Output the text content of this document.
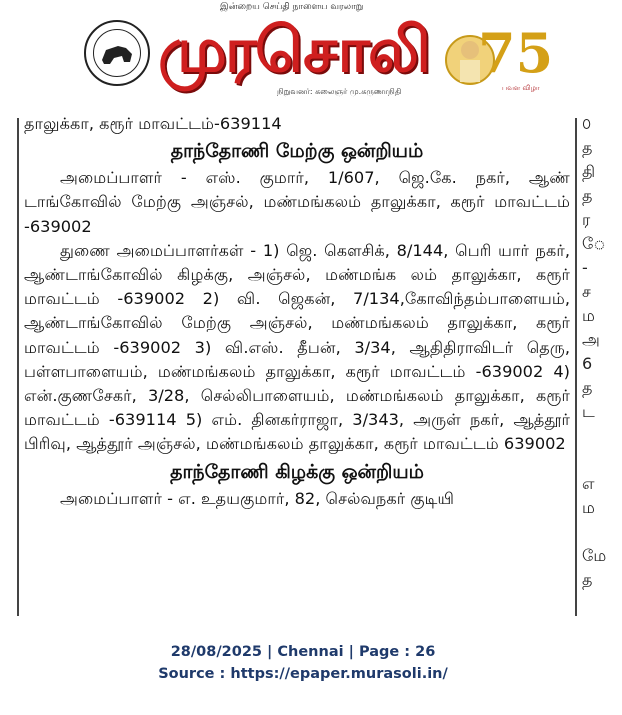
இன்றைய செய்தி நாளைய வரலாறு
முரசொலி
நிறுவனர்: கலைஞர் மு.கருணாநிதி
75
பவள விழா

தாலுக்கா, கரூர் மாவட்டம்-639114

தாந்தோணி மேற்கு ஒன்றியம்

அமைப்பாளர் - எஸ். குமார், 1/607, ஜெ.கே. நகர், ஆண் டாங்கோவில் மேற்கு அஞ்சல், மண்மங்கலம் தாலுக்கா, கரூர் மாவட்டம் -639002

துணை அமைப்பாளர்கள் - 1) ஜெ. கௌசிக், 8/144, பெரி யார் நகர், ஆண்டாங்கோவில் கிழக்கு, அஞ்சல், மண்மங்க லம் தாலுக்கா, கரூர் மாவட்டம் -639002 2) வி. ஜெகன், 7/134,கோவிந்தம்பாளையம், ஆண்டாங்கோவில் மேற்கு அஞ்சல், மண்மங்கலம் தாலுக்கா, கரூர் மாவட்டம் -639002 3) வி.எஸ். தீபன், 3/34, ஆதிதிராவிடர் தெரு, பள்ளபாளையம், மண்மங்கலம் தாலுக்கா, கரூர் மாவட்டம் -639002 4) என்.குணசேகர், 3/28, செல்லிபாளையம், மண்மங்கலம் தாலுக்கா, கரூர் மாவட்டம் -639114 5) எம். தினகர்ராஜா, 3/343, அருள் நகர், ஆத்தூர் பிரிவு, ஆத்தூர் அஞ்சல், மண்மங்கலம் தாலுக்கா, கரூர் மாவட்டம் 639002

தாந்தோணி கிழக்கு ஒன்றியம்

அமைப்பாளர் - எ. உதயகுமார், 82, செல்வநகர் குடியி

௦
த
தி
த
ர
ே
-
ச
ம
அ
6
த
ட
எ
ம
மே
த
28/08/2025 | Chennai | Page : 26
Source : https://epaper.murasoli.in/
